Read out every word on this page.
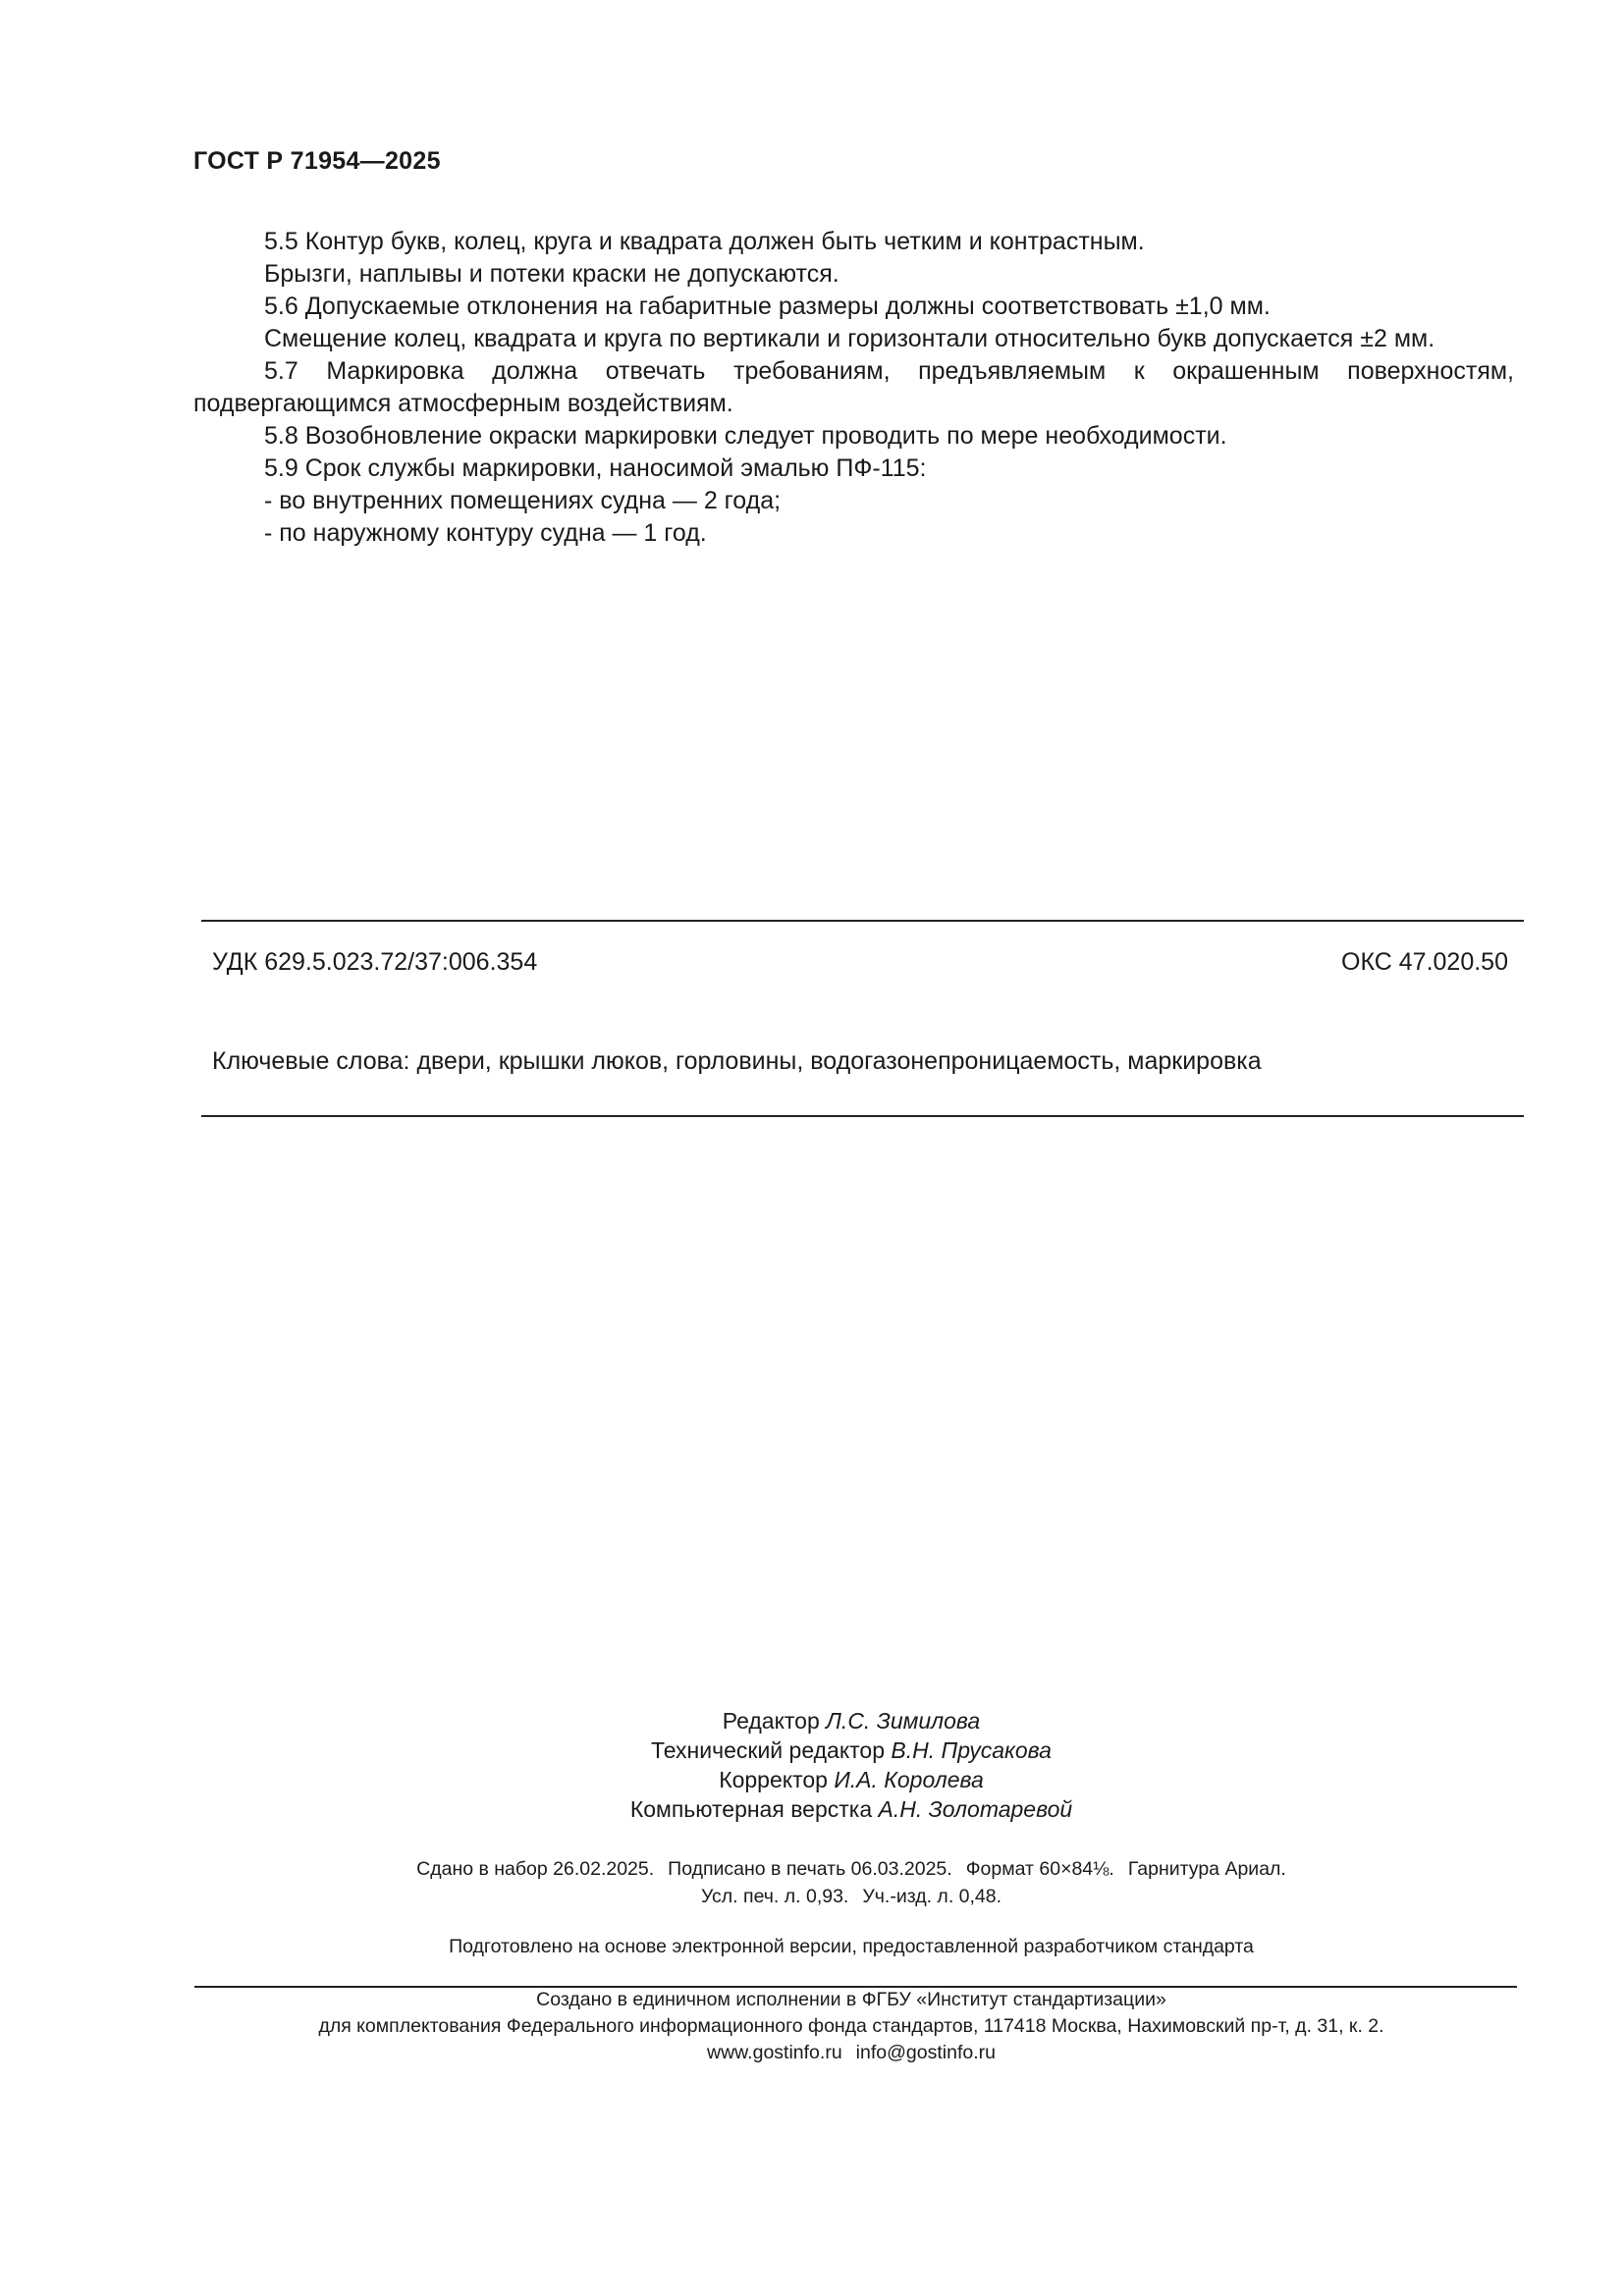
ГОСТ Р 71954—2025

5.5 Контур букв, колец, круга и квадрата должен быть четким и контрастным.

Брызги, наплывы и потеки краски не допускаются.

5.6 Допускаемые отклонения на габаритные размеры должны соответствовать ±1,0 мм.

Смещение колец, квадрата и круга по вертикали и горизонтали относительно букв допускается ±2 мм.

5.7 Маркировка должна отвечать требованиям, предъявляемым к окрашенным поверхностям, подвергающимся атмосферным воздействиям.

5.8 Возобновление окраски маркировки следует проводить по мере необходимости.

5.9 Срок службы маркировки, наносимой эмалью ПФ-115:

- во внутренних помещениях судна — 2 года;

- по наружному контуру судна — 1 год.

УДК 629.5.023.72/37:006.354	ОКС 47.020.50
Ключевые слова: двери, крышки люков, горловины, водогазонепроницаемость, маркировка
Редактор Л.С. Зимилова
Технический редактор В.Н. Прусакова
Корректор И.А. Королева
Компьютерная верстка А.Н. Золотаревой
Сдано в набор 26.02.2025. Подписано в печать 06.03.2025. Формат 60×84⅛. Гарнитура Ариал.
Усл. печ. л. 0,93. Уч.-изд. л. 0,48.
Подготовлено на основе электронной версии, предоставленной разработчиком стандарта
Создано в единичном исполнении в ФГБУ «Институт стандартизации»
для комплектования Федерального информационного фонда стандартов, 117418 Москва, Нахимовский пр-т, д. 31, к. 2.
www.gostinfo.ru info@gostinfo.ru
